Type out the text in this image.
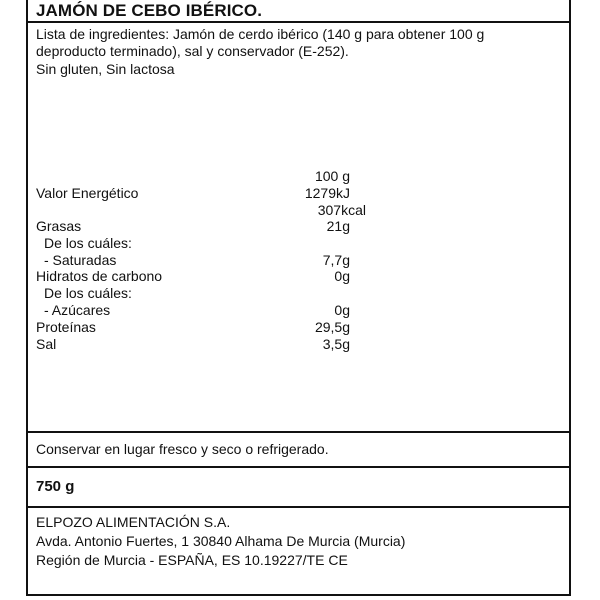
JAMÓN DE CEBO IBÉRICO.
Lista de ingredientes: Jamón de cerdo ibérico (140 g para obtener 100 g
deproducto terminado), sal y conservador (E-252).
Sin gluten, Sin lactosa
100 g
Valor Energético	1279kJ
307kcal
Grasas	21g
De los cuáles:
- Saturadas	7,7g
Hidratos de carbono	0g
De los cuáles:
- Azúcares	0g
Proteínas	29,5g
Sal	3,5g
Conservar en lugar fresco y seco o refrigerado.
750 g
ELPOZO ALIMENTACIÓN S.A.
Avda. Antonio Fuertes, 1 30840 Alhama De Murcia (Murcia)
Región de Murcia - ESPAÑA, ES 10.19227/TE CE
